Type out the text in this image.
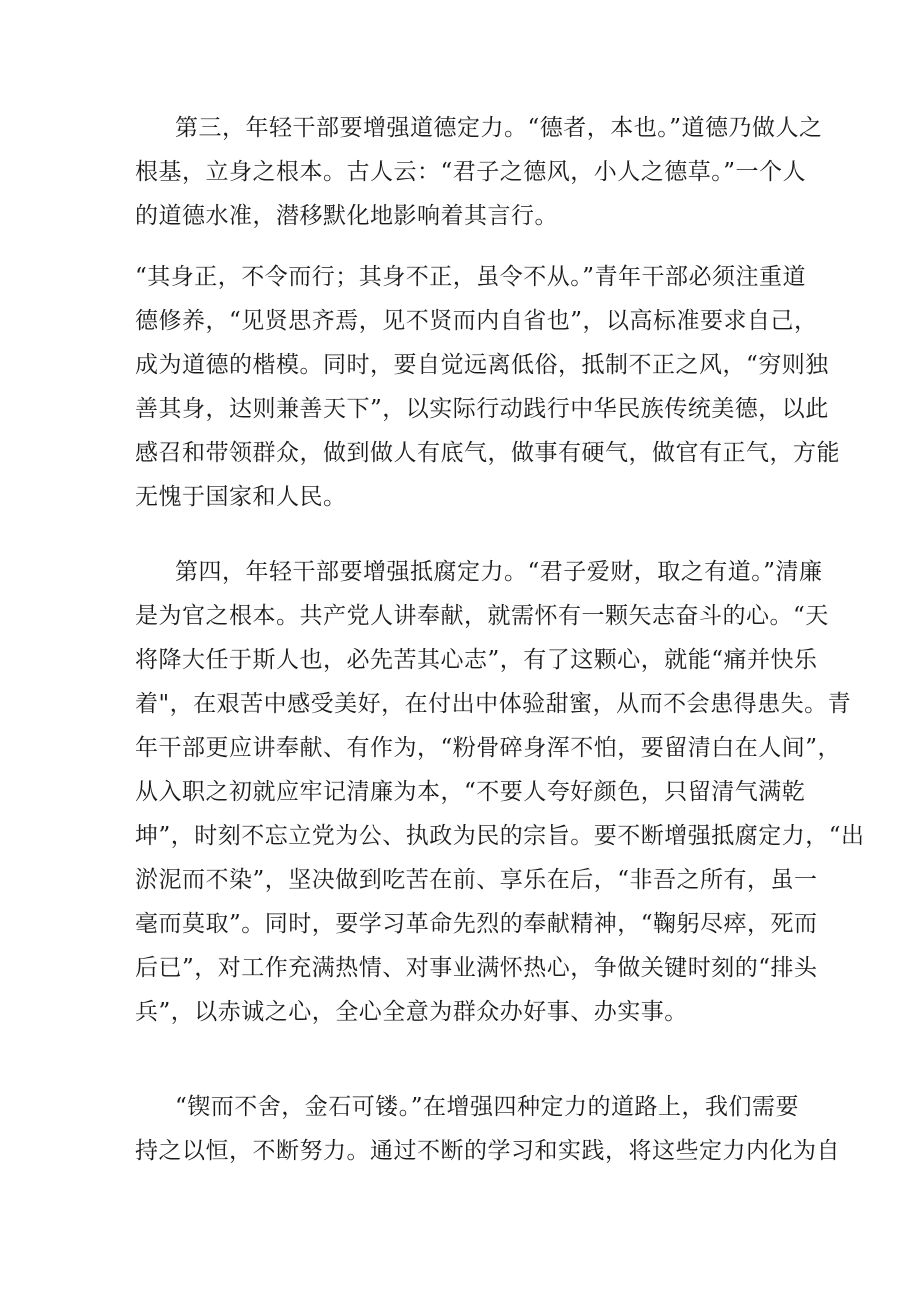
第三，年轻干部要增强道德定力。“德者，本也。”道德乃做人之
根基，立身之根本。古人云：“君子之德风，小人之德草。”一个人
的道德水准，潜移默化地影响着其言行。
“其身正，不令而行；其身不正，虽令不从。”青年干部必须注重道
德修养，“见贤思齐焉，见不贤而内自省也”，以高标准要求自己，
成为道德的楷模。同时，要自觉远离低俗，抵制不正之风，“穷则独
善其身，达则兼善天下”，以实际行动践行中华民族传统美德，以此
感召和带领群众，做到做人有底气，做事有硬气，做官有正气，方能
无愧于国家和人民。
第四，年轻干部要增强抵腐定力。“君子爱财，取之有道。”清廉
是为官之根本。共产党人讲奉献，就需怀有一颗矢志奋斗的心。“天
将降大任于斯人也，必先苦其心志”，有了这颗心，就能“痛并快乐
着"，在艰苦中感受美好，在付出中体验甜蜜，从而不会患得患失。青
年干部更应讲奉献、有作为，“粉骨碎身浑不怕，要留清白在人间”，
从入职之初就应牢记清廉为本，“不要人夸好颜色，只留清气满乾
坤”，时刻不忘立党为公、执政为民的宗旨。要不断增强抵腐定力，“出
淤泥而不染”，坚决做到吃苦在前、享乐在后，“非吾之所有，虽一
毫而莫取”。同时，要学习革命先烈的奉献精神，“鞠躬尽瘁，死而
后已”，对工作充满热情、对事业满怀热心，争做关键时刻的“排头
兵”，以赤诚之心，全心全意为群众办好事、办实事。
“锲而不舍，金石可镂。”在增强四种定力的道路上，我们需要
持之以恒，不断努力。通过不断的学习和实践，将这些定力内化为自
